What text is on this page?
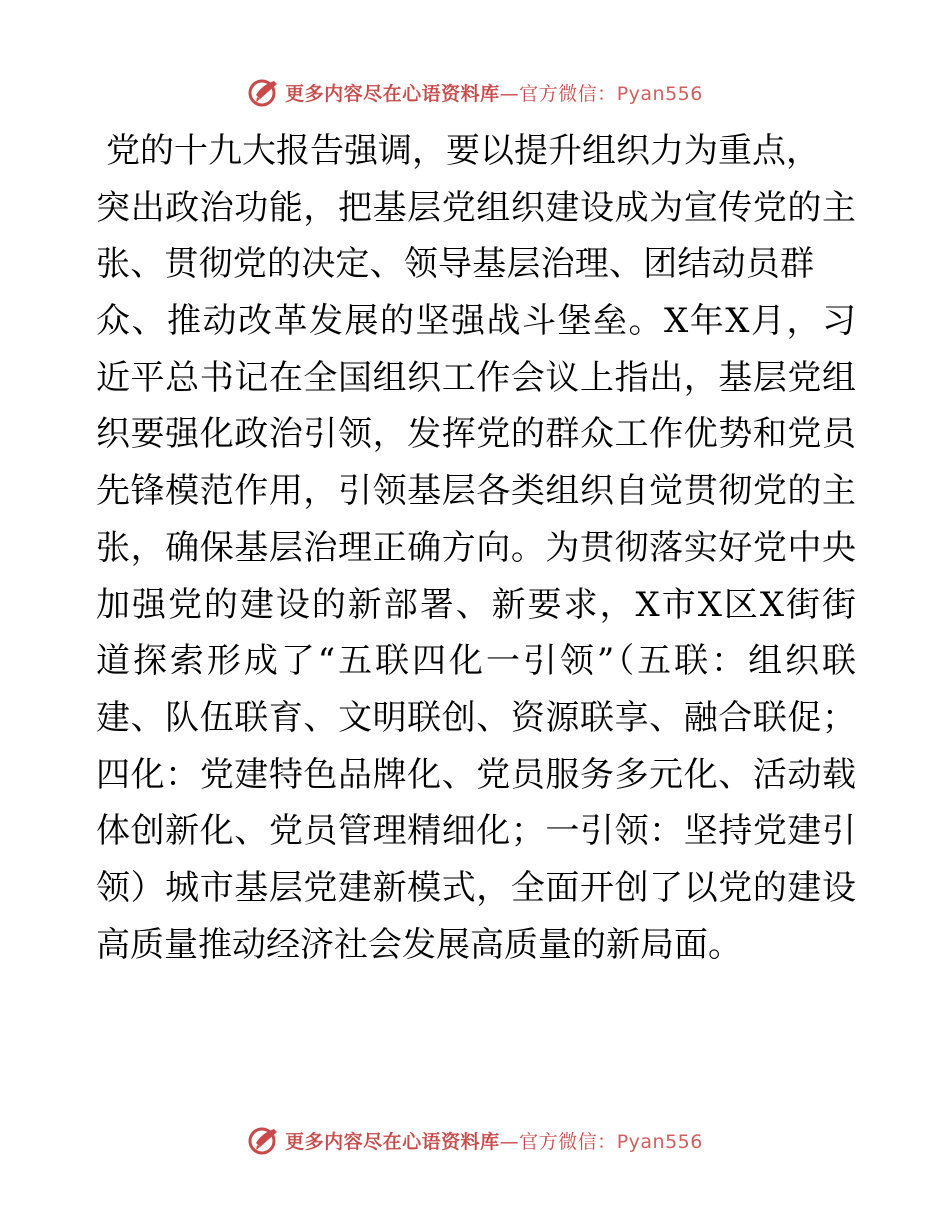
更多内容尽在心语资料库—官方微信：Pyan556
党的十九大报告强调，要以提升组织力为重点，
突出政治功能，把基层党组织建设成为宣传党的主
张、贯彻党的决定、领导基层治理、团结动员群
众、推动改革发展的坚强战斗堡垒。X年X月，习
近平总书记在全国组织工作会议上指出，基层党组
织要强化政治引领，发挥党的群众工作优势和党员
先锋模范作用，引领基层各类组织自觉贯彻党的主
张，确保基层治理正确方向。为贯彻落实好党中央
加强党的建设的新部署、新要求，X市X区X街街
道探索形成了“五联四化一引领”（五联：组织联
建、队伍联育、文明联创、资源联享、融合联促；
四化：党建特色品牌化、党员服务多元化、活动载
体创新化、党员管理精细化；一引领：坚持党建引
领）城市基层党建新模式，全面开创了以党的建设
高质量推动经济社会发展高质量的新局面。
更多内容尽在心语资料库—官方微信：Pyan556
